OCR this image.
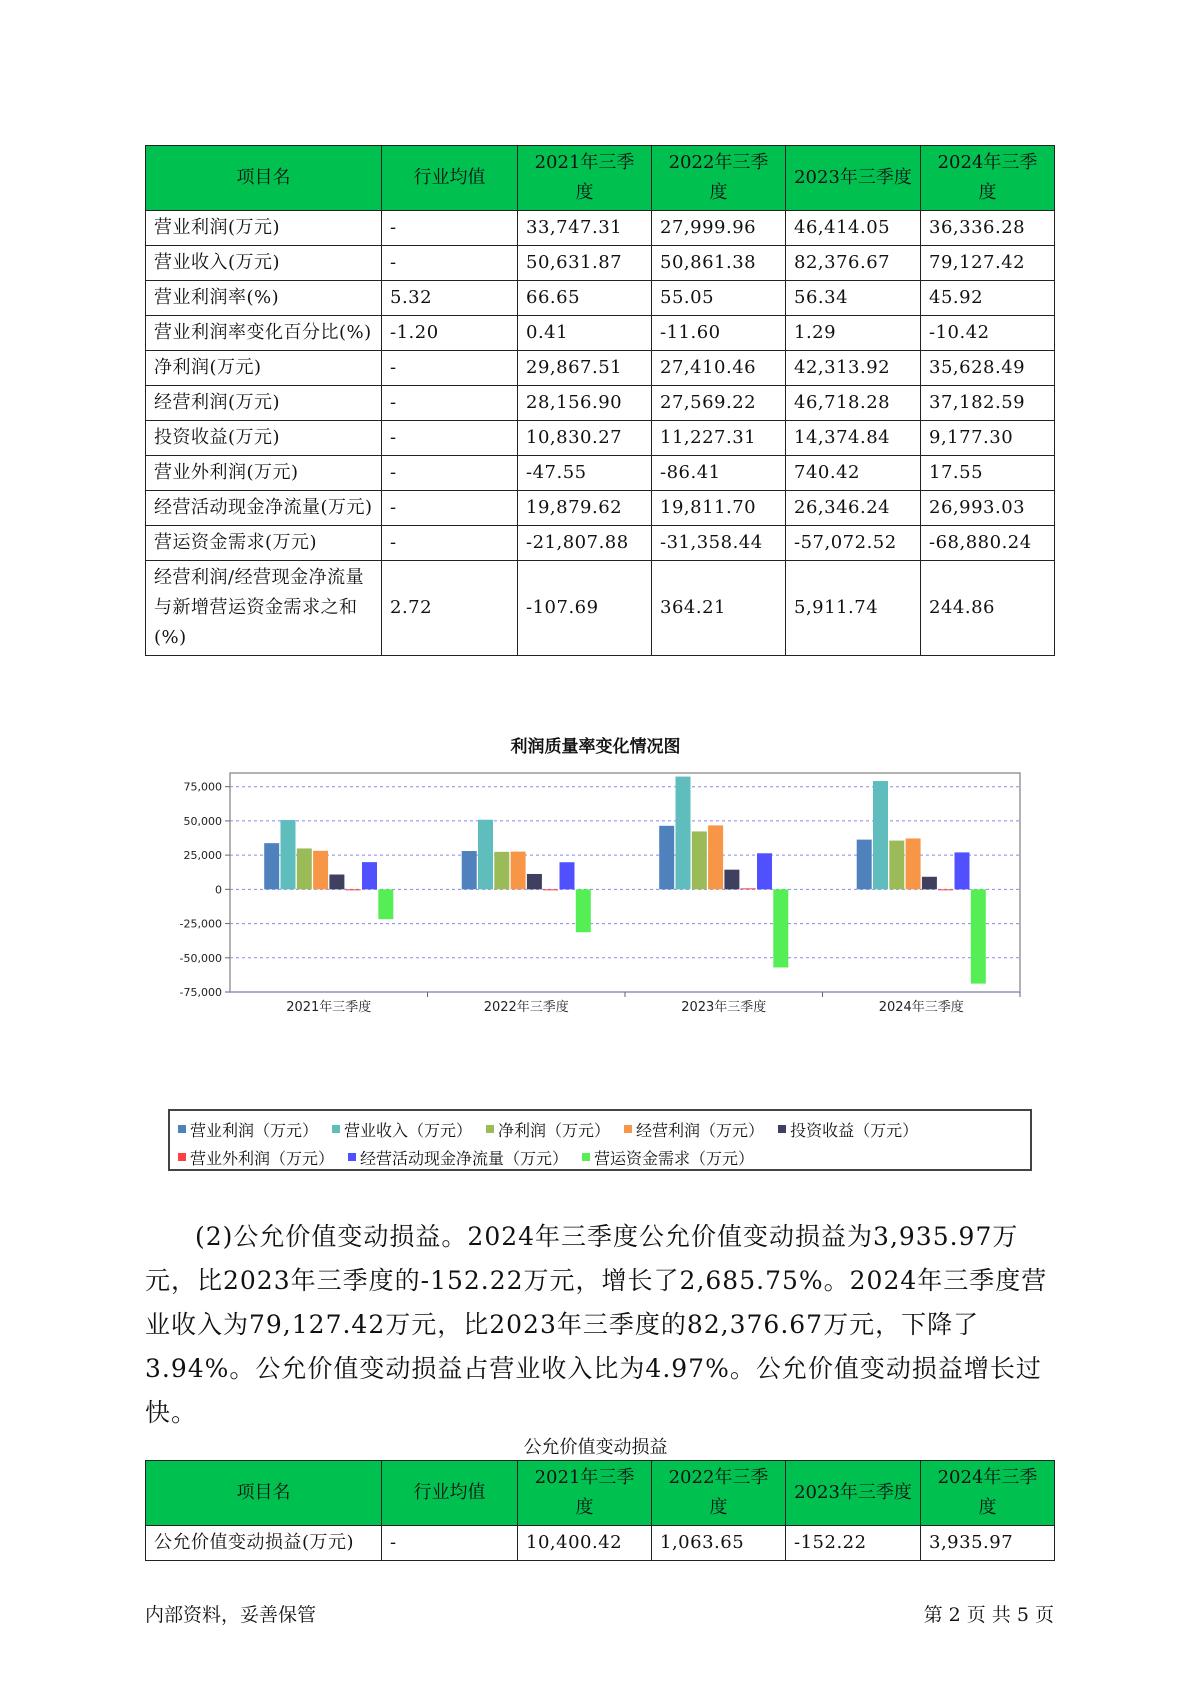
项目名	行业均值	2021年三季度	2022年三季度	2023年三季度	2024年三季度
营业利润(万元)	-	33,747.31	27,999.96	46,414.05	36,336.28
营业收入(万元)	-	50,631.87	50,861.38	82,376.67	79,127.42
营业利润率(%)	5.32	66.65	55.05	56.34	45.92
营业利润率变化百分比(%)	-1.20	0.41	-11.60	1.29	-10.42
净利润(万元)	-	29,867.51	27,410.46	42,313.92	35,628.49
经营利润(万元)	-	28,156.90	27,569.22	46,718.28	37,182.59
投资收益(万元)	-	10,830.27	11,227.31	14,374.84	9,177.30
营业外利润(万元)	-	-47.55	-86.41	740.42	17.55
经营活动现金净流量(万元)	-	19,879.62	19,811.70	26,346.24	26,993.03
营运资金需求(万元)	-	-21,807.88	-31,358.44	-57,072.52	-68,880.24
经营利润/经营现金净流量与新增营运资金需求之和(%)	2.72	-107.69	364.21	5,911.74	244.86
利润质量率变化情况图
75,000
50,000
25,000
0
-25,000
-50,000
-75,000
2021年三季度	2022年三季度	2023年三季度	2024年三季度
营业利润（万元） 营业收入（万元） 净利润（万元） 经营利润（万元） 投资收益（万元）
营业外利润（万元） 经营活动现金净流量（万元） 营运资金需求（万元）
(2)公允价值变动损益。2024年三季度公允价值变动损益为3,935.97万元，比2023年三季度的-152.22万元，增长了2,685.75%。2024年三季度营业收入为79,127.42万元，比2023年三季度的82,376.67万元，下降了3.94%。公允价值变动损益占营业收入比为4.97%。公允价值变动损益增长过快。
公允价值变动损益
项目名	行业均值	2021年三季度	2022年三季度	2023年三季度	2024年三季度
公允价值变动损益(万元)	-	10,400.42	1,063.65	-152.22	3,935.97
内部资料，妥善保管	第 2 页 共 5 页
